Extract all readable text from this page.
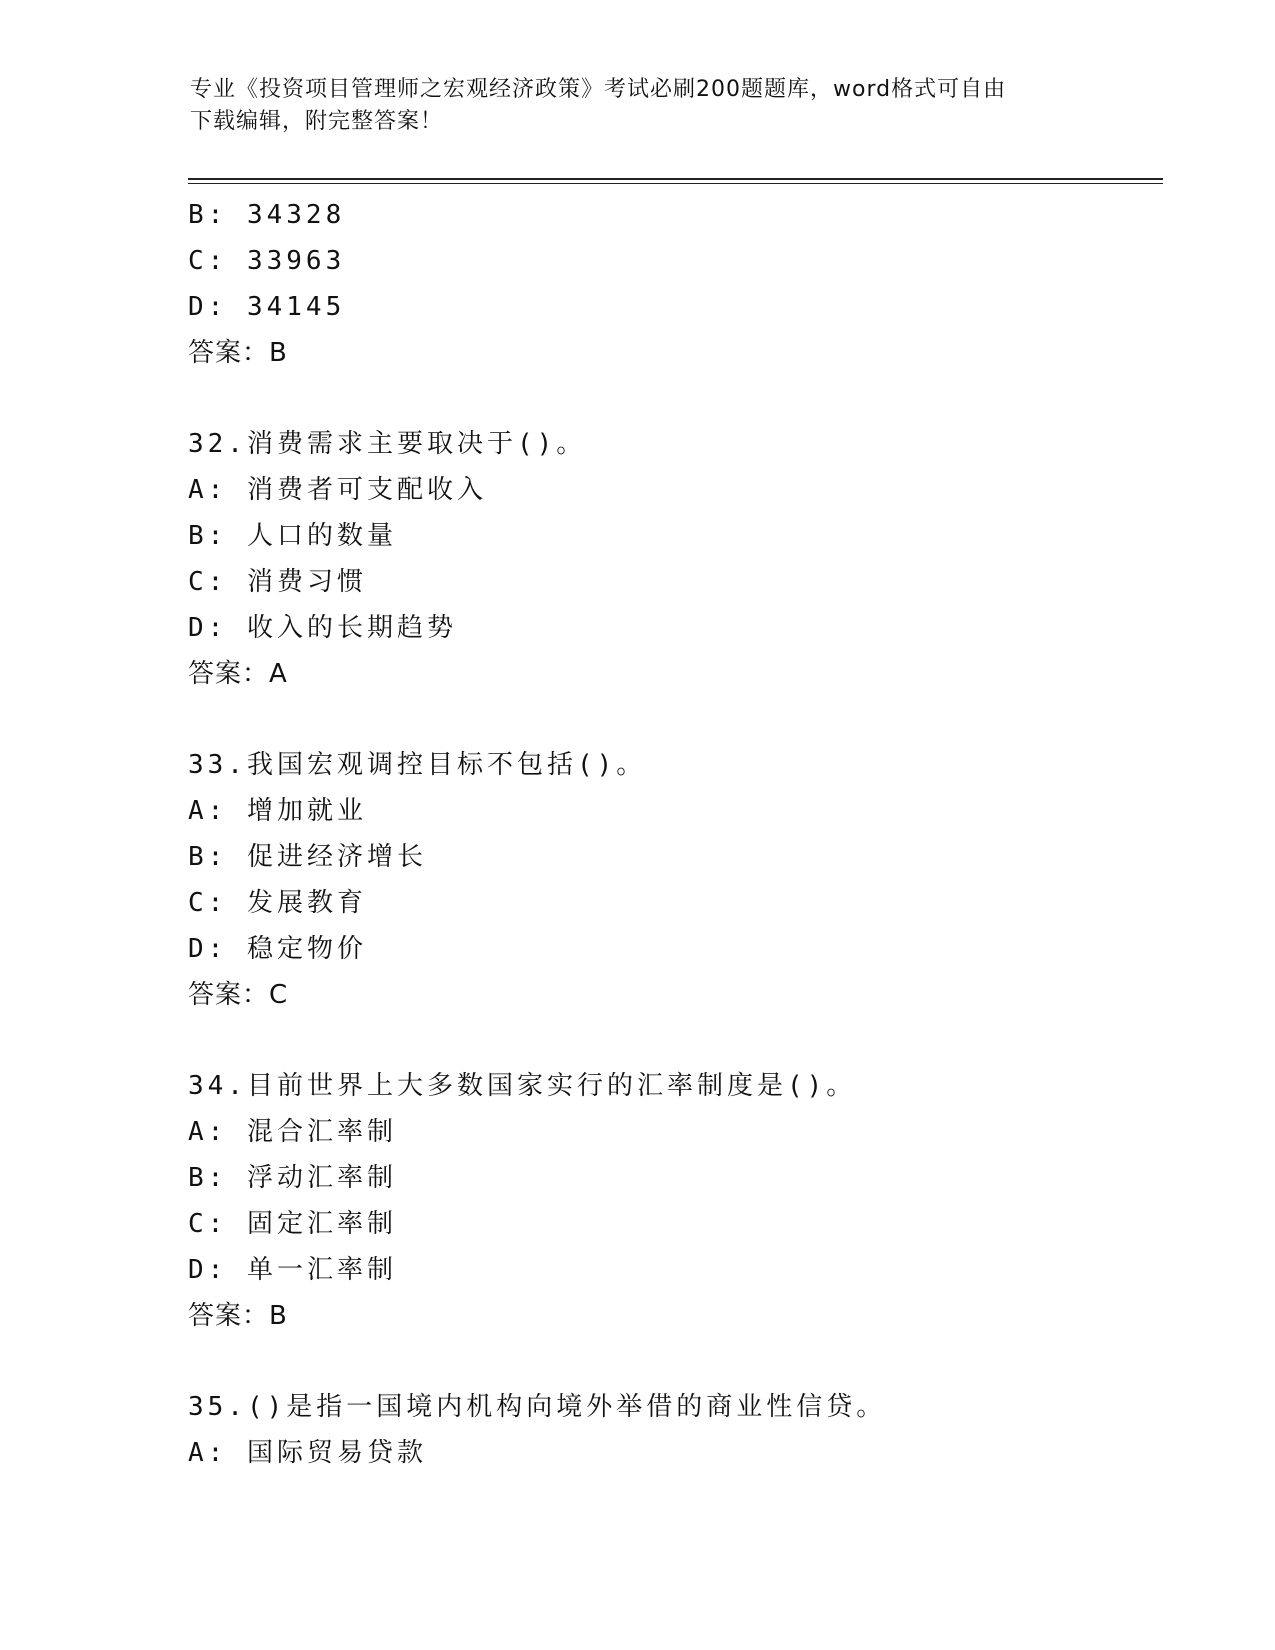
专业《投资项目管理师之宏观经济政策》考试必刷200题题库，word格式可自由
下载编辑，附完整答案！
B: 34328
C: 33963
D: 34145
答案：B
32.消费需求主要取决于()。
A: 消费者可支配收入
B: 人口的数量
C: 消费习惯
D: 收入的长期趋势
答案：A
33.我国宏观调控目标不包括()。
A: 增加就业
B: 促进经济增长
C: 发展教育
D: 稳定物价
答案：C
34.目前世界上大多数国家实行的汇率制度是()。
A: 混合汇率制
B: 浮动汇率制
C: 固定汇率制
D: 单一汇率制
答案：B
35.()是指一国境内机构向境外举借的商业性信贷。
A: 国际贸易贷款
